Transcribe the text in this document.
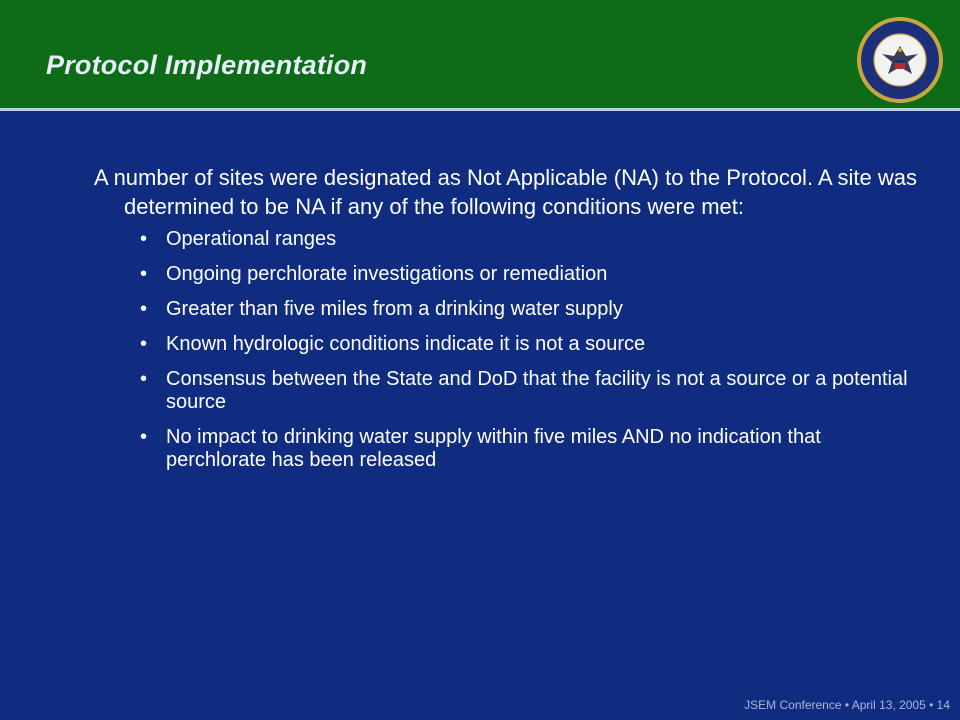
Protocol Implementation

A number of sites were designated as Not Applicable (NA) to the Protocol. A site was determined to be NA if any of the following conditions were met:

• Operational ranges
• Ongoing perchlorate investigations or remediation
• Greater than five miles from a drinking water supply
• Known hydrologic conditions indicate it is not a source
• Consensus between the State and DoD that the facility is not a source or a potential source
• No impact to drinking water supply within five miles AND no indication that perchlorate has been released
JSEM Conference • April 13, 2005 • 14
